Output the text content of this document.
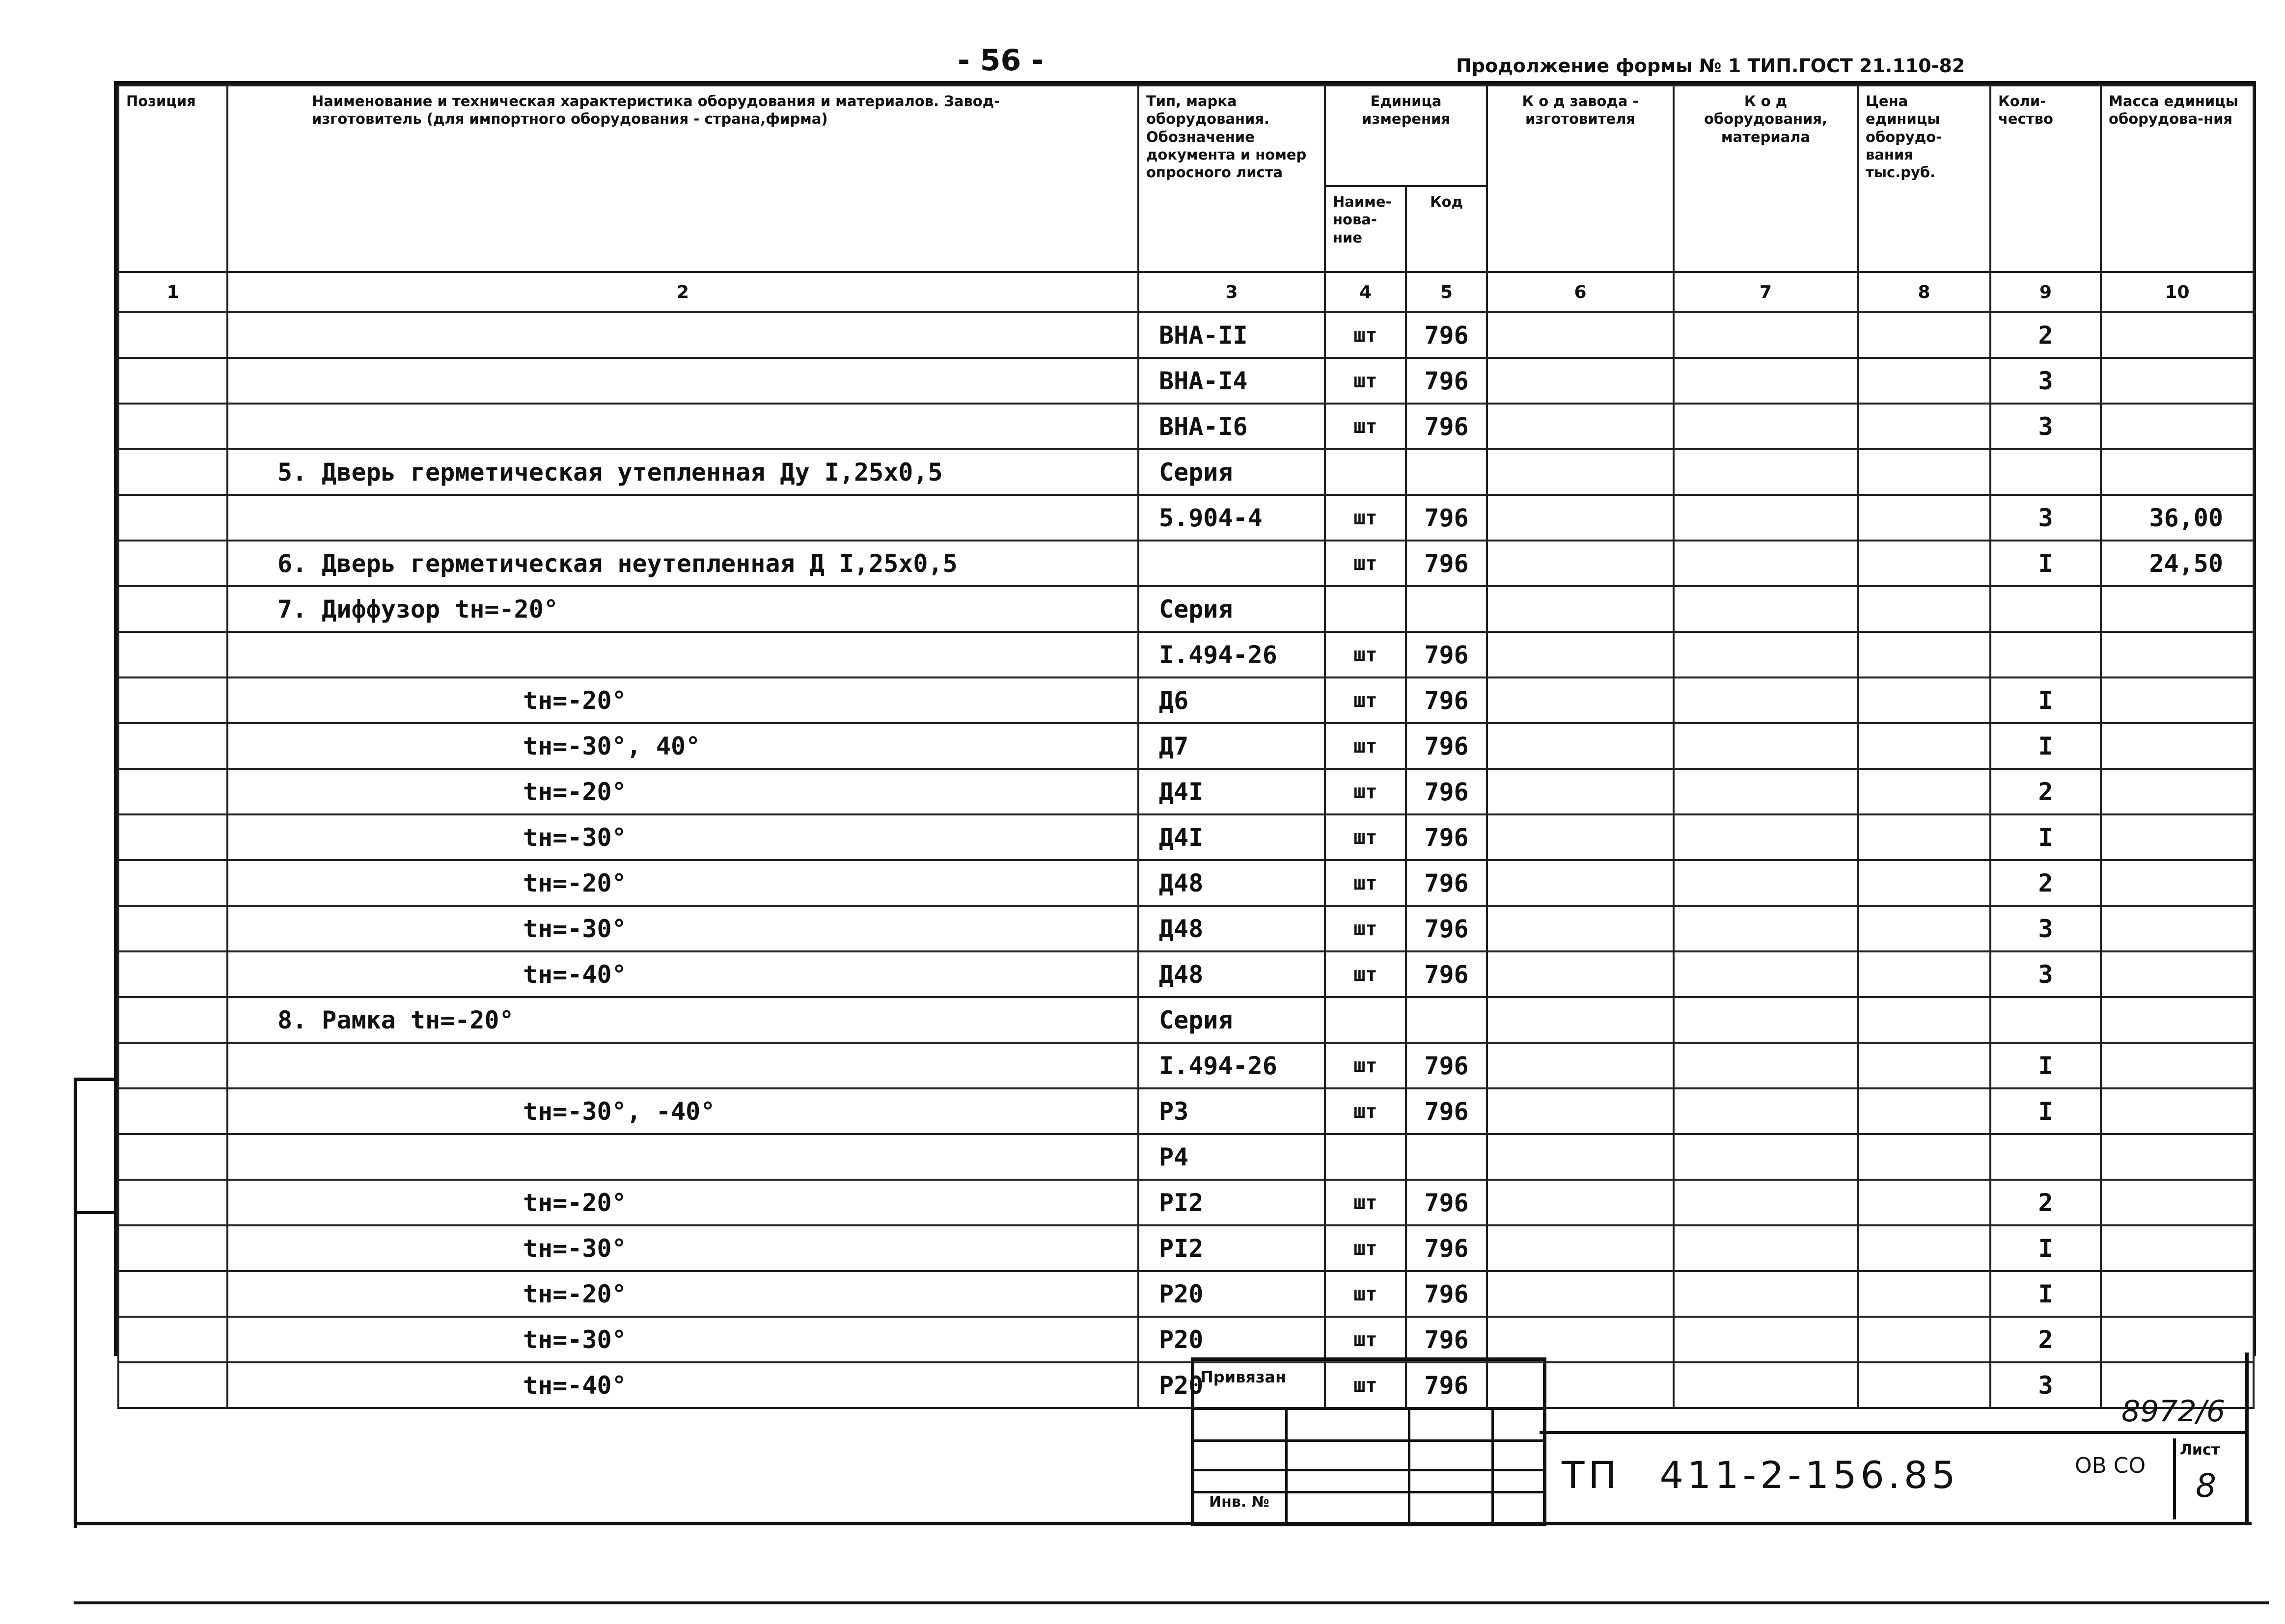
- 56 -	Продолжение формы № 1 ТИП.ГОСТ 21.110-82
Позиция	Наименование и техническая характеристика оборудования и материалов. Завод-изготовитель (для импортного оборудования - страна,фирма)	Тип, марка оборудования. Обозначение документа и номер опросного листа	Единица измерения		К о д завода - изготовителя	К о д оборудования, материала	Цена единицы оборудо-вания тыс.руб.	Коли-чество	Масса единицы оборудова-ния
			Наиме-нова-ние	Код					
1	2	3	4	5	6	7	8	9	10
		ВНА-II	шт	796				2	
		ВНА-I4	шт	796				3	
		ВНА-I6	шт	796				3	
	5. Дверь герметическая утепленная Ду I,25х0,5	Серия							
		5.904-4	шт	796				3	36,00
	6. Дверь герметическая неутепленная Д I,25х0,5		шт	796				I	24,50
	7. Диффузор tн=-20°	Серия							
		I.494-26	шт	796					
	tн=-20°	Д6	шт	796				I	
	tн=-30°, 40°	Д7	шт	796				I	
	tн=-20°	Д4I	шт	796				2	
	tн=-30°	Д4I	шт	796				I	
	tн=-20°	Д48	шт	796				2	
	tн=-30°	Д48	шт	796				3	
	tн=-40°	Д48	шт	796				3	
	8. Рамка tн=-20°	Серия							
		I.494-26	шт	796				I	
	tн=-30°, -40°	Р3	шт	796				I	
		Р4							
	tн=-20°	РI2	шт	796				2	
	tн=-30°	РI2	шт	796				I	
	tн=-20°	Р20	шт	796				I	
	tн=-30°	Р20	шт	796				2	
	tн=-40°	Р20	шт	796				3	
Привязан
Инв. №
8972/6
ТП 411-2-156.85	ОВ СО
Лист
8
